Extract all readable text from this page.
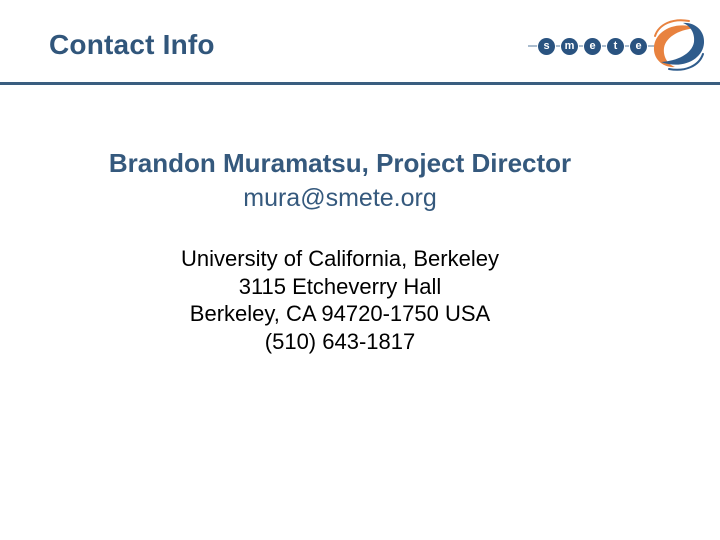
Contact Info	s	m	e	t	e
Brandon Muramatsu, Project Director
mura@smete.org
University of California, Berkeley
3115 Etcheverry Hall
Berkeley, CA 94720-1750 USA
(510) 643-1817
